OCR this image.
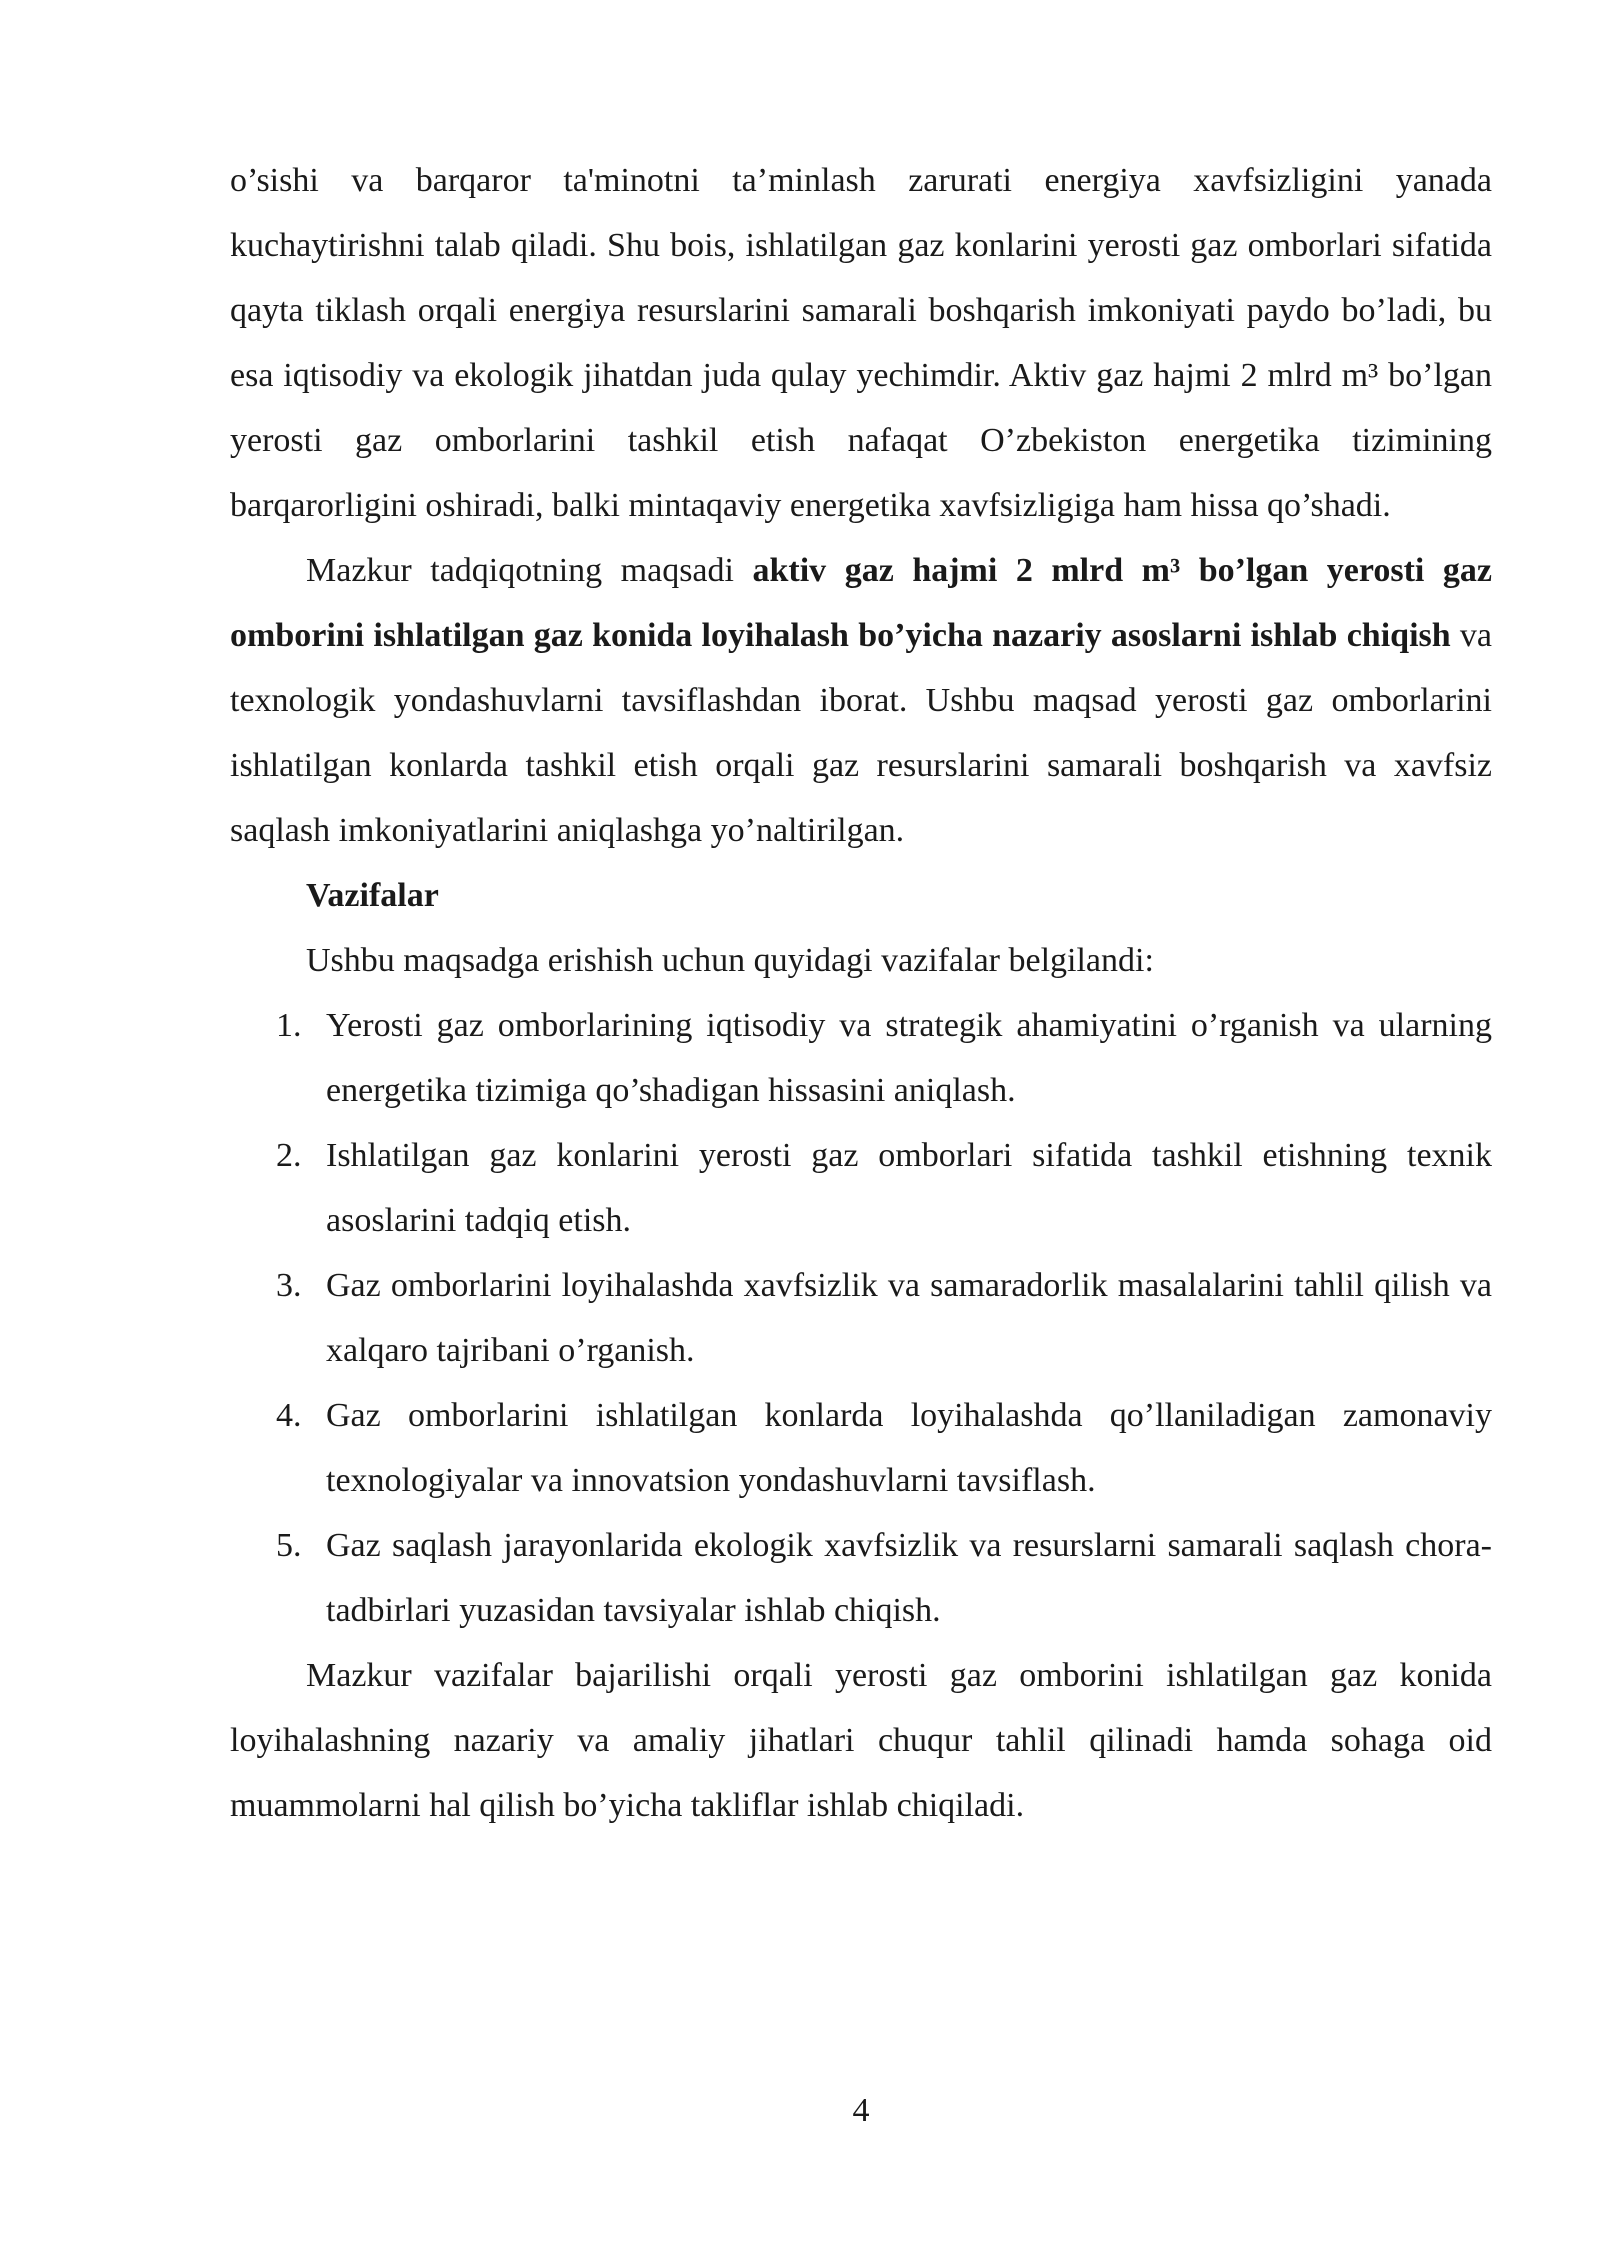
o’sishi va barqaror ta'minotni ta’minlash zarurati energiya xavfsizligini yanada kuchaytirishni talab qiladi. Shu bois, ishlatilgan gaz konlarini yerosti gaz omborlari sifatida qayta tiklash orqali energiya resurslarini samarali boshqarish imkoniyati paydo bo’ladi, bu esa iqtisodiy va ekologik jihatdan juda qulay yechimdir. Aktiv gaz hajmi 2 mlrd m³ bo’lgan yerosti gaz omborlarini tashkil etish nafaqat O’zbekiston energetika tizimining barqarorligini oshiradi, balki mintaqaviy energetika xavfsizligiga ham hissa qo’shadi.

Mazkur tadqiqotning maqsadi aktiv gaz hajmi 2 mlrd m³ bo’lgan yerosti gaz omborini ishlatilgan gaz konida loyihalash bo’yicha nazariy asoslarni ishlab chiqish va texnologik yondashuvlarni tavsiflashdan iborat. Ushbu maqsad yerosti gaz omborlarini ishlatilgan konlarda tashkil etish orqali gaz resurslarini samarali boshqarish va xavfsiz saqlash imkoniyatlarini aniqlashga yo’naltirilgan.

Vazifalar
Ushbu maqsadga erishish uchun quyidagi vazifalar belgilandi:
1. Yerosti gaz omborlarining iqtisodiy va strategik ahamiyatini o’rganish va ularning energetika tizimiga qo’shadigan hissasini aniqlash.
2. Ishlatilgan gaz konlarini yerosti gaz omborlari sifatida tashkil etishning texnik asoslarini tadqiq etish.
3. Gaz omborlarini loyihalashda xavfsizlik va samaradorlik masalalarini tahlil qilish va xalqaro tajribani o’rganish.
4. Gaz omborlarini ishlatilgan konlarda loyihalashda qo’llaniladigan zamonaviy texnologiyalar va innovatsion yondashuvlarni tavsiflash.
5. Gaz saqlash jarayonlarida ekologik xavfsizlik va resurslarni samarali saqlash chora-tadbirlari yuzasidan tavsiyalar ishlab chiqish.

Mazkur vazifalar bajarilishi orqali yerosti gaz omborini ishlatilgan gaz konida loyihalashning nazariy va amaliy jihatlari chuqur tahlil qilinadi hamda sohaga oid muammolarni hal qilish bo’yicha takliflar ishlab chiqiladi.

4
